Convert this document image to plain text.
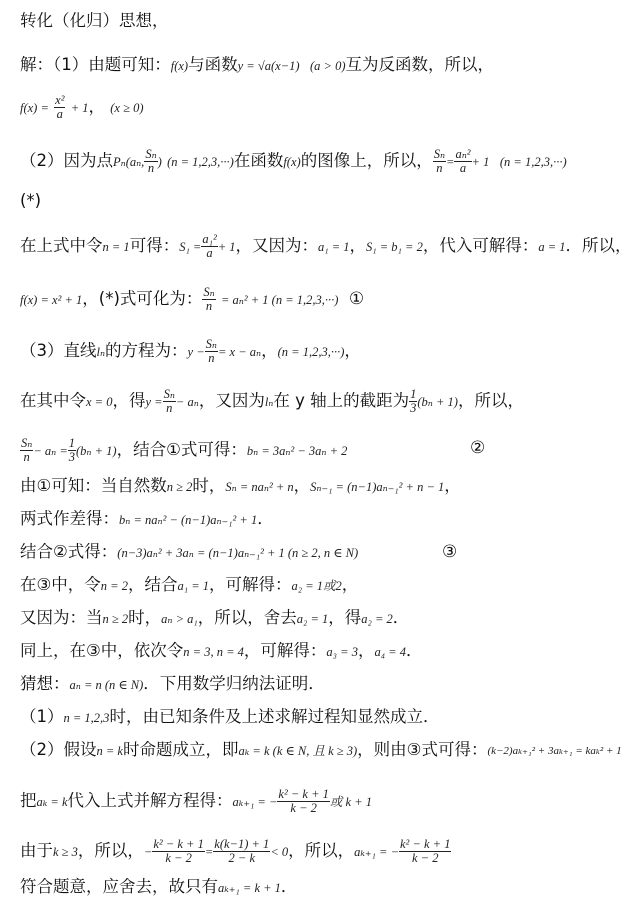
转化（化归）思想，
解：（1）由题可知：f(x)与函数y = √a(x−1) (a > 0)互为反函数，所以，
$f(x) = \frac{\text{x²}}{a} + 1$， (x ≥ 0)
（2）因为点Pₙ(aₙ, $\frac{\text{Sₙ}}{n}$ ) (n = 1,2,3,···)在函数f(x)的图像上，所以， $\frac{\text{Sₙ}}{n} = \frac{\text{aₙ²}}{a} + 1$ (n = 1,2,3,···)
(*)
在上式中令n = 1可得：$S_1 = \frac{\text{a₁²}}{a} + 1$，又因为：a₁ = 1，S₁ = b₁ = 2，代入可解得：a = 1．所以，
f(x) = x² + 1，(*)式可化为： $\frac{\text{Sₙ}}{n} = a_n^2 + 1$ (n = 1,2,3,···) ①
（3）直线lₙ的方程为：$y - \frac{\text{Sₙ}}{n} = x - a_n$，(n = 1,2,3,···)，
在其中令x = 0，得$y = \frac{\text{Sₙ}}{n} - a_n$，又因为lₙ在 y 轴上的截距为 $\frac{1}{3} (b_n + 1)$，所以，
$\frac{\text{Sₙ}}{n} - a_n = \frac{1}{3} (b_n + 1)$，结合①式可得：bₙ = 3aₙ² − 3aₙ + 2	②
由①可知：当自然数n ≥ 2时，Sₙ = naₙ² + n，Sₙ₋₁ = (n−1)aₙ₋₁² + n − 1，
两式作差得：bₙ = naₙ² − (n−1)aₙ₋₁² + 1．
结合②式得：(n−3)aₙ² + 3aₙ = (n−1)aₙ₋₁² + 1 (n ≥ 2, n ∈ N)	③
在③中，令n = 2，结合a₁ = 1，可解得：a₂ = 1或2，
又因为：当n ≥ 2时，aₙ > a₁，所以，舍去a₂ = 1，得a₂ = 2．
同上，在③中，依次令n = 3, n = 4，可解得：a₃ = 3，a₄ = 4．
猜想：aₙ = n (n ∈ N)．下用数学归纳法证明．
（1）n = 1,2,3时，由已知条件及上述求解过程知显然成立．
（2）假设n = k时命题成立，即aₖ = k (k ∈ N, 且 k ≥ 3)，则由③式可得：(k−2)aₖ₊₁² + 3aₖ₊₁ = kaₖ² + 1
把aₖ = k代入上式并解方程得：aₖ₊₁ = − $\frac{\text{k² − k + 1}}{k - 2}$ 或 k + 1
由于k ≥ 3，所以，− $\frac{\text{k² − k + 1}}{k - 2} = \frac{k(k-1) + 1}{2 - k} < 0$，所以，aₖ₊₁ = − $\frac{\text{k² − k + 1}}{k - 2}$
符合题意，应舍去，故只有aₖ₊₁ = k + 1．
